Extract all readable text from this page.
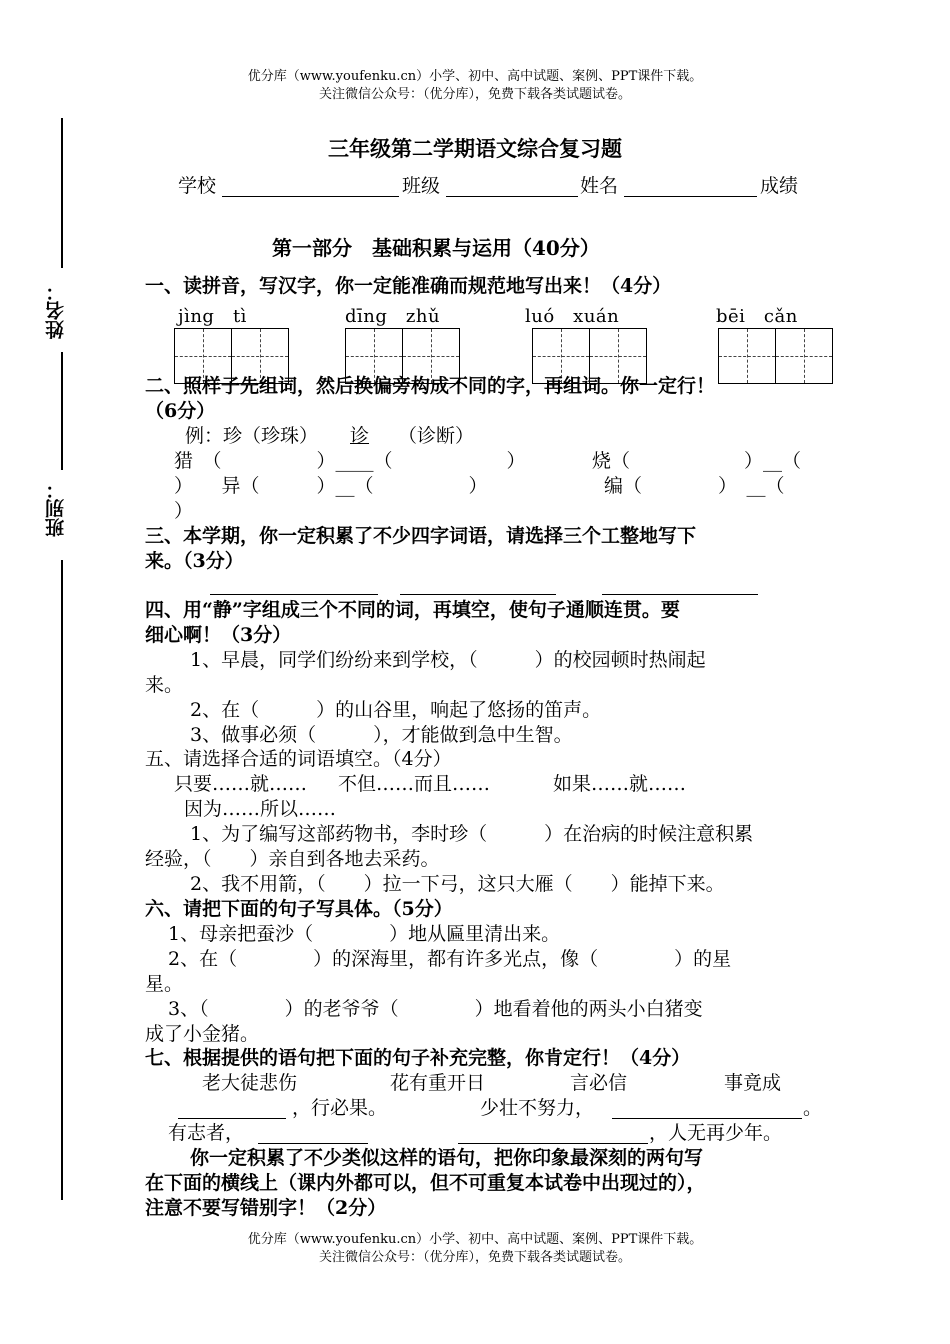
优分库（www.youfenku.cn）小学、初中、高中试题、案例、PPT课件下载。
关注微信公众号：（优分库），免费下载各类试题试卷。
姓名：
班别：
三年级第二学期语文综合复习题
学校	班级	姓名	成绩
第一部分　基础积累与运用（40分）
一、读拼音，写汉字，你一定能准确而规范地写出来！（4分）
jìng　tì	dīng　zhǔ	luó　xuán	bēi　cǎn
二、照样子先组词，然后换偏旁构成不同的字，再组词。你一定行！
（6分）
例：珍（珍珠） 诊 （诊断）
猎　（　　　　　）____（　　　　　　）	烧（　　　　　　）__（
）　　异（　　　）__（　　　　　）	编（　　　　）　__（
）
三、本学期，你一定积累了不少四字词语，请选择三个工整地写下
来。（3分）
四、用“静”字组成三个不同的词，再填空，使句子通顺连贯。要
细心啊！（3分）
1、早晨，同学们纷纷来到学校，（　　　）的校园顿时热闹起
来。
2、在（　　　）的山谷里，响起了悠扬的笛声。
3、做事必须（　　　），才能做到急中生智。
五、请选择合适的词语填空。（4分）
只要……就…… 不但……而且……	如果……就……
因为……所以……
1、为了编写这部药物书，李时珍（　　　）在治病的时候注意积累
经验，（　　）亲自到各地去采药。
2、我不用箭，（　　）拉一下弓，这只大雁（　　）能掉下来。
六、请把下面的句子写具体。（5分）
1、母亲把蚕沙（　　　　）地从匾里清出来。
2、在（　　　　）的深海里，都有许多光点，像（　　　　）的星
星。
3、（　　　　）的老爷爷（　　　　）地看着他的两头小白猪变
成了小金猪。
七、根据提供的语句把下面的句子补充完整，你肯定行！（4分）
老大徒悲伤	花有重开日	言必信	事竟成
，行必果。	少壮不努力，	。
有志者，	，人无再少年。
你一定积累了不少类似这样的语句，把你印象最深刻的两句写
在下面的横线上（课内外都可以，但不可重复本试卷中出现过的），
注意不要写错别字！（2分）
优分库（www.youfenku.cn）小学、初中、高中试题、案例、PPT课件下载。
关注微信公众号：（优分库），免费下载各类试题试卷。
